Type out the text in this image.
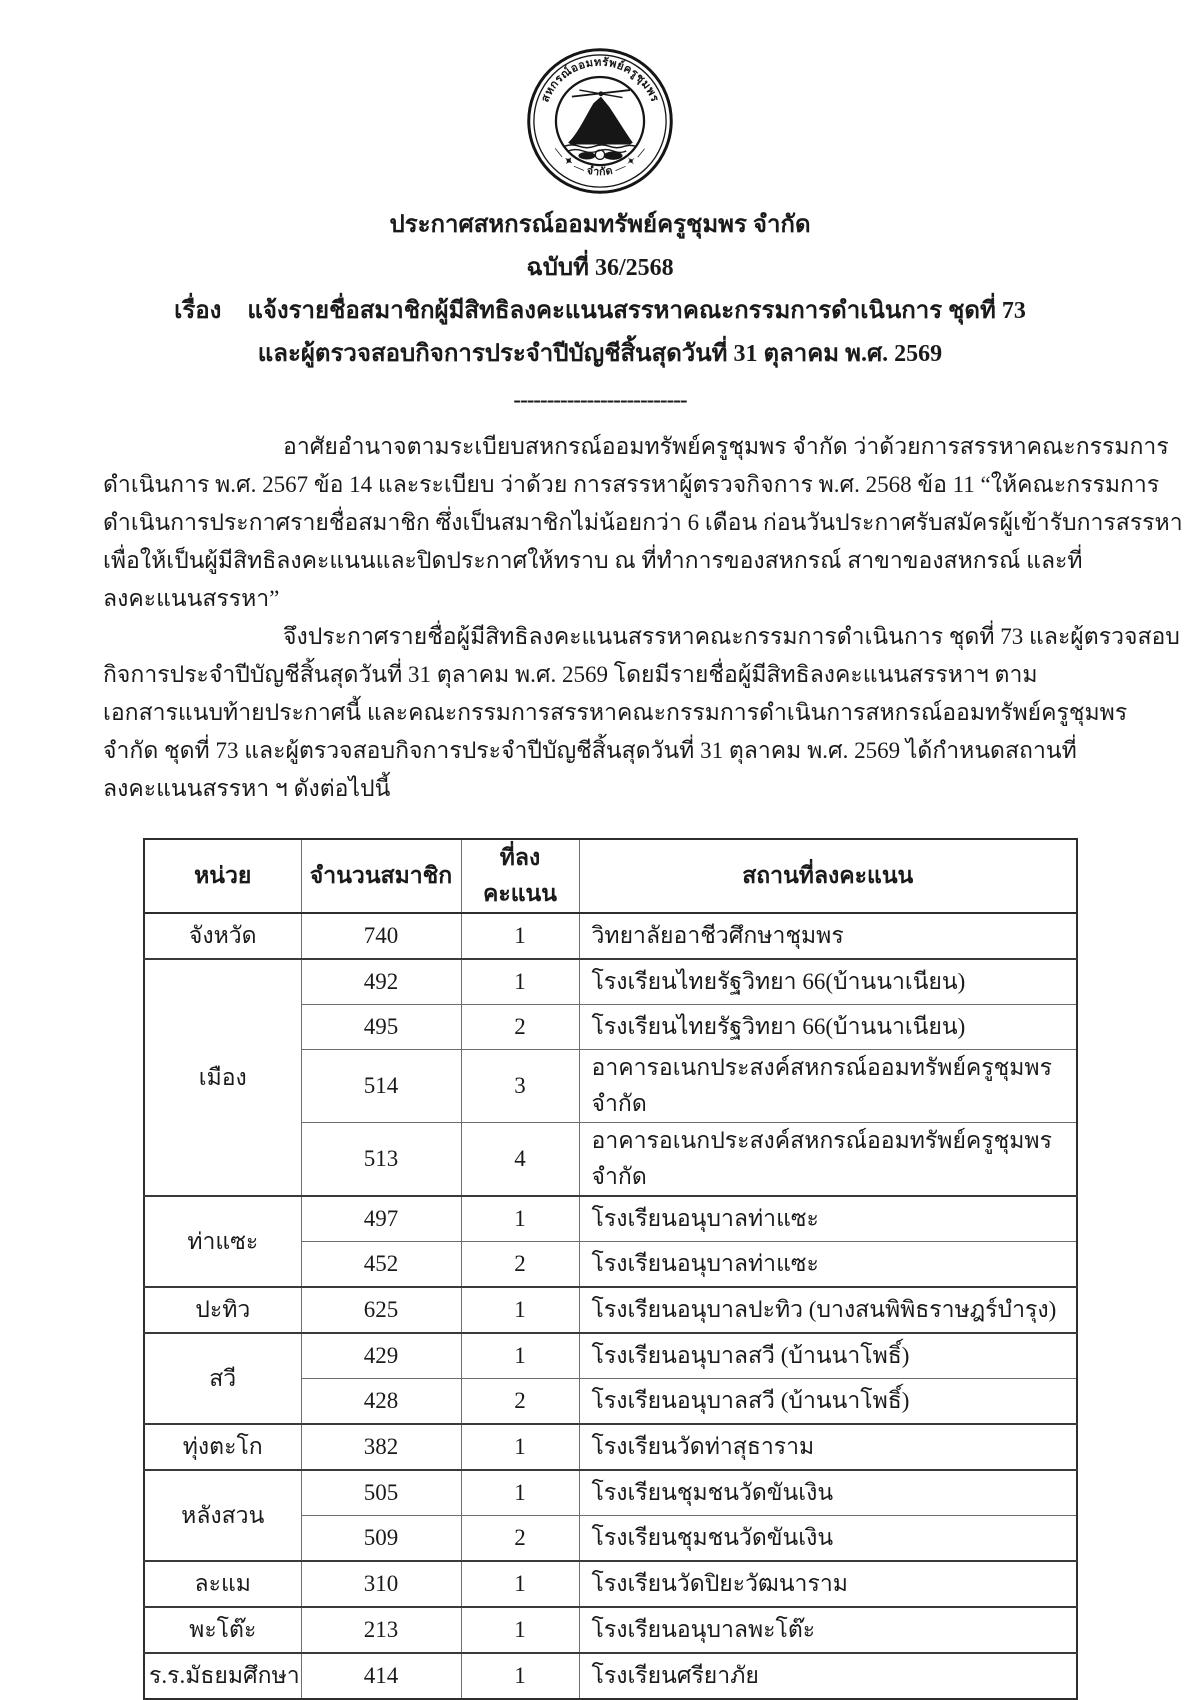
สหกรณ์ออมทรัพย์ครูชุมพร
— ✦ — จำกัด — ✦ —
ประกาศสหกรณ์ออมทรัพย์ครูชุมพร จำกัด
ฉบับที่ 36/2568
เรื่อง แจ้งรายชื่อสมาชิกผู้มีสิทธิลงคะแนนสรรหาคณะกรรมการดำเนินการ ชุดที่ 73
และผู้ตรวจสอบกิจการประจำปีบัญชีสิ้นสุดวันที่ 31 ตุลาคม พ.ศ. 2569
--------------------------
อาศัยอำนาจตามระเบียบสหกรณ์ออมทรัพย์ครูชุมพร จำกัด ว่าด้วยการสรรหาคณะกรรมการ
ดำเนินการ พ.ศ. 2567 ข้อ 14 และระเบียบ ว่าด้วย การสรรหาผู้ตรวจกิจการ พ.ศ. 2568 ข้อ 11 “ให้คณะกรรมการ
ดำเนินการประกาศรายชื่อสมาชิก ซึ่งเป็นสมาชิกไม่น้อยกว่า 6 เดือน ก่อนวันประกาศรับสมัครผู้เข้ารับการสรรหา
เพื่อให้เป็นผู้มีสิทธิลงคะแนนและปิดประกาศให้ทราบ ณ ที่ทำการของสหกรณ์ สาขาของสหกรณ์ และที่
ลงคะแนนสรรหา”
จึงประกาศรายชื่อผู้มีสิทธิลงคะแนนสรรหาคณะกรรมการดำเนินการ ชุดที่ 73 และผู้ตรวจสอบ
กิจการประจำปีบัญชีสิ้นสุดวันที่ 31 ตุลาคม พ.ศ. 2569 โดยมีรายชื่อผู้มีสิทธิลงคะแนนสรรหาฯ ตาม
เอกสารแนบท้ายประกาศนี้ และคณะกรรมการสรรหาคณะกรรมการดำเนินการสหกรณ์ออมทรัพย์ครูชุมพร
จำกัด ชุดที่ 73 และผู้ตรวจสอบกิจการประจำปีบัญชีสิ้นสุดวันที่ 31 ตุลาคม พ.ศ. 2569 ได้กำหนดสถานที่
ลงคะแนนสรรหา ฯ ดังต่อไปนี้
หน่วย	จำนวนสมาชิก	ที่ลงคะแนน	สถานที่ลงคะแนน
จังหวัด	740	1	วิทยาลัยอาชีวศึกษาชุมพร
เมือง	492	1	โรงเรียนไทยรัฐวิทยา 66(บ้านนาเนียน)
	495	2	โรงเรียนไทยรัฐวิทยา 66(บ้านนาเนียน)
	514	3	อาคารอเนกประสงค์สหกรณ์ออมทรัพย์ครูชุมพร จำกัด
	513	4	อาคารอเนกประสงค์สหกรณ์ออมทรัพย์ครูชุมพร จำกัด
ท่าแซะ	497	1	โรงเรียนอนุบาลท่าแซะ
	452	2	โรงเรียนอนุบาลท่าแซะ
ปะทิว	625	1	โรงเรียนอนุบาลปะทิว (บางสนพิพิธราษฎร์บำรุง)
สวี	429	1	โรงเรียนอนุบาลสวี (บ้านนาโพธิ์)
	428	2	โรงเรียนอนุบาลสวี (บ้านนาโพธิ์)
ทุ่งตะโก	382	1	โรงเรียนวัดท่าสุธาราม
หลังสวน	505	1	โรงเรียนชุมชนวัดขันเงิน
	509	2	โรงเรียนชุมชนวัดขันเงิน
ละแม	310	1	โรงเรียนวัดปิยะวัฒนาราม
พะโต๊ะ	213	1	โรงเรียนอนุบาลพะโต๊ะ
ร.ร.มัธยมศึกษา	414	1	โรงเรียนศรียาภัย
